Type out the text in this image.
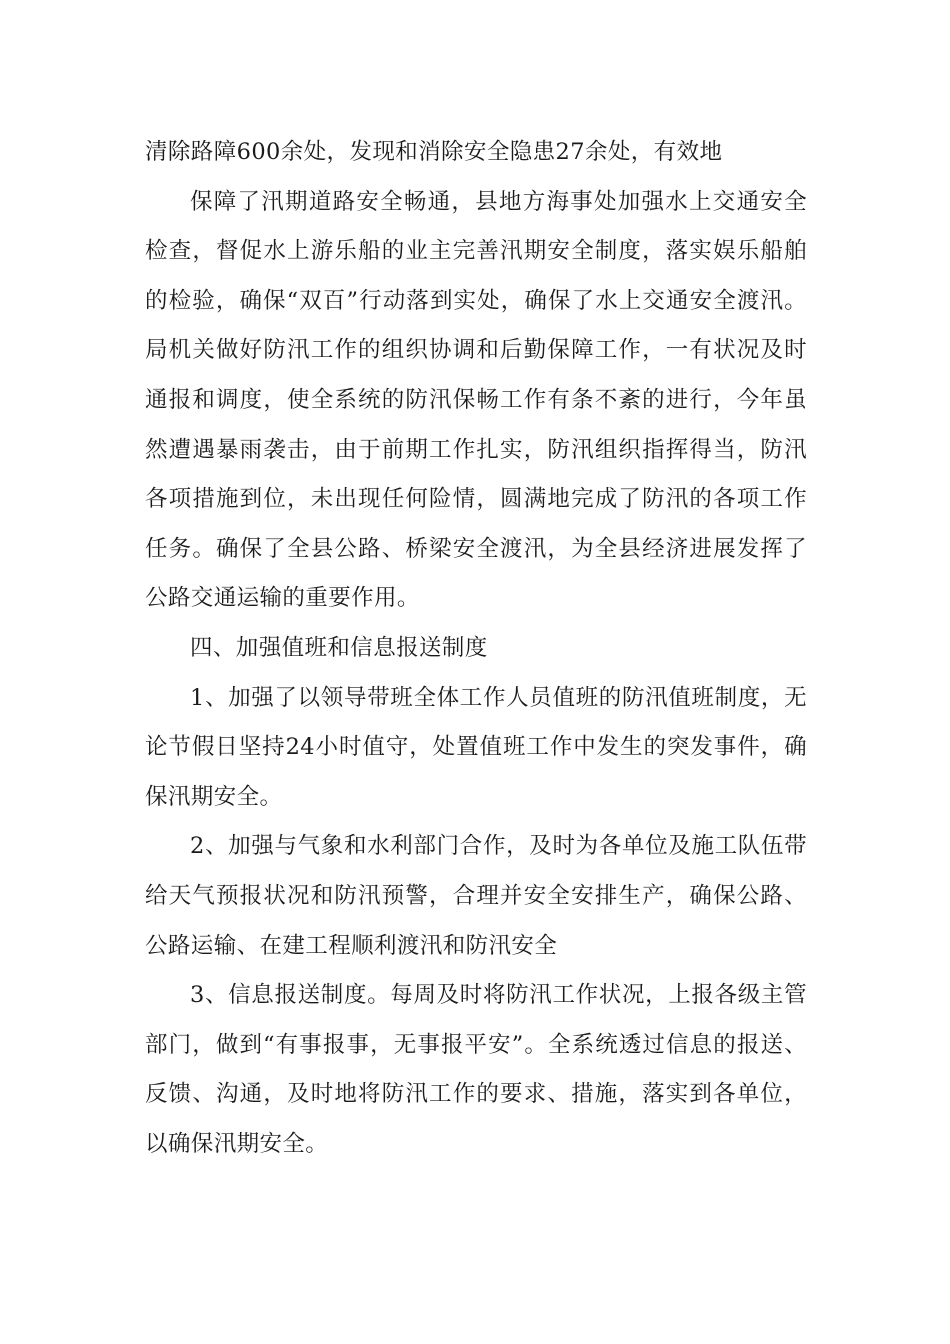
清除路障600余处，发现和消除安全隐患27余处，有效地

保障了汛期道路安全畅通，县地方海事处加强水上交通安全检查，督促水上游乐船的业主完善汛期安全制度，落实娱乐船舶的检验，确保“双百”行动落到实处，确保了水上交通安全渡汛。局机关做好防汛工作的组织协调和后勤保障工作，一有状况及时通报和调度，使全系统的防汛保畅工作有条不紊的进行，今年虽然遭遇暴雨袭击，由于前期工作扎实，防汛组织指挥得当，防汛各项措施到位，未出现任何险情，圆满地完成了防汛的各项工作任务。确保了全县公路、桥梁安全渡汛，为全县经济进展发挥了公路交通运输的重要作用。

四、加强值班和信息报送制度

1、加强了以领导带班全体工作人员值班的防汛值班制度，无论节假日坚持24小时值守，处置值班工作中发生的突发事件，确保汛期安全。

2、加强与气象和水利部门合作，及时为各单位及施工队伍带给天气预报状况和防汛预警，合理并安全安排生产，确保公路、公路运输、在建工程顺利渡汛和防汛安全

3、信息报送制度。每周及时将防汛工作状况，上报各级主管部门，做到“有事报事，无事报平安”。全系统透过信息的报送、反馈、沟通，及时地将防汛工作的要求、措施，落实到各单位，以确保汛期安全。
